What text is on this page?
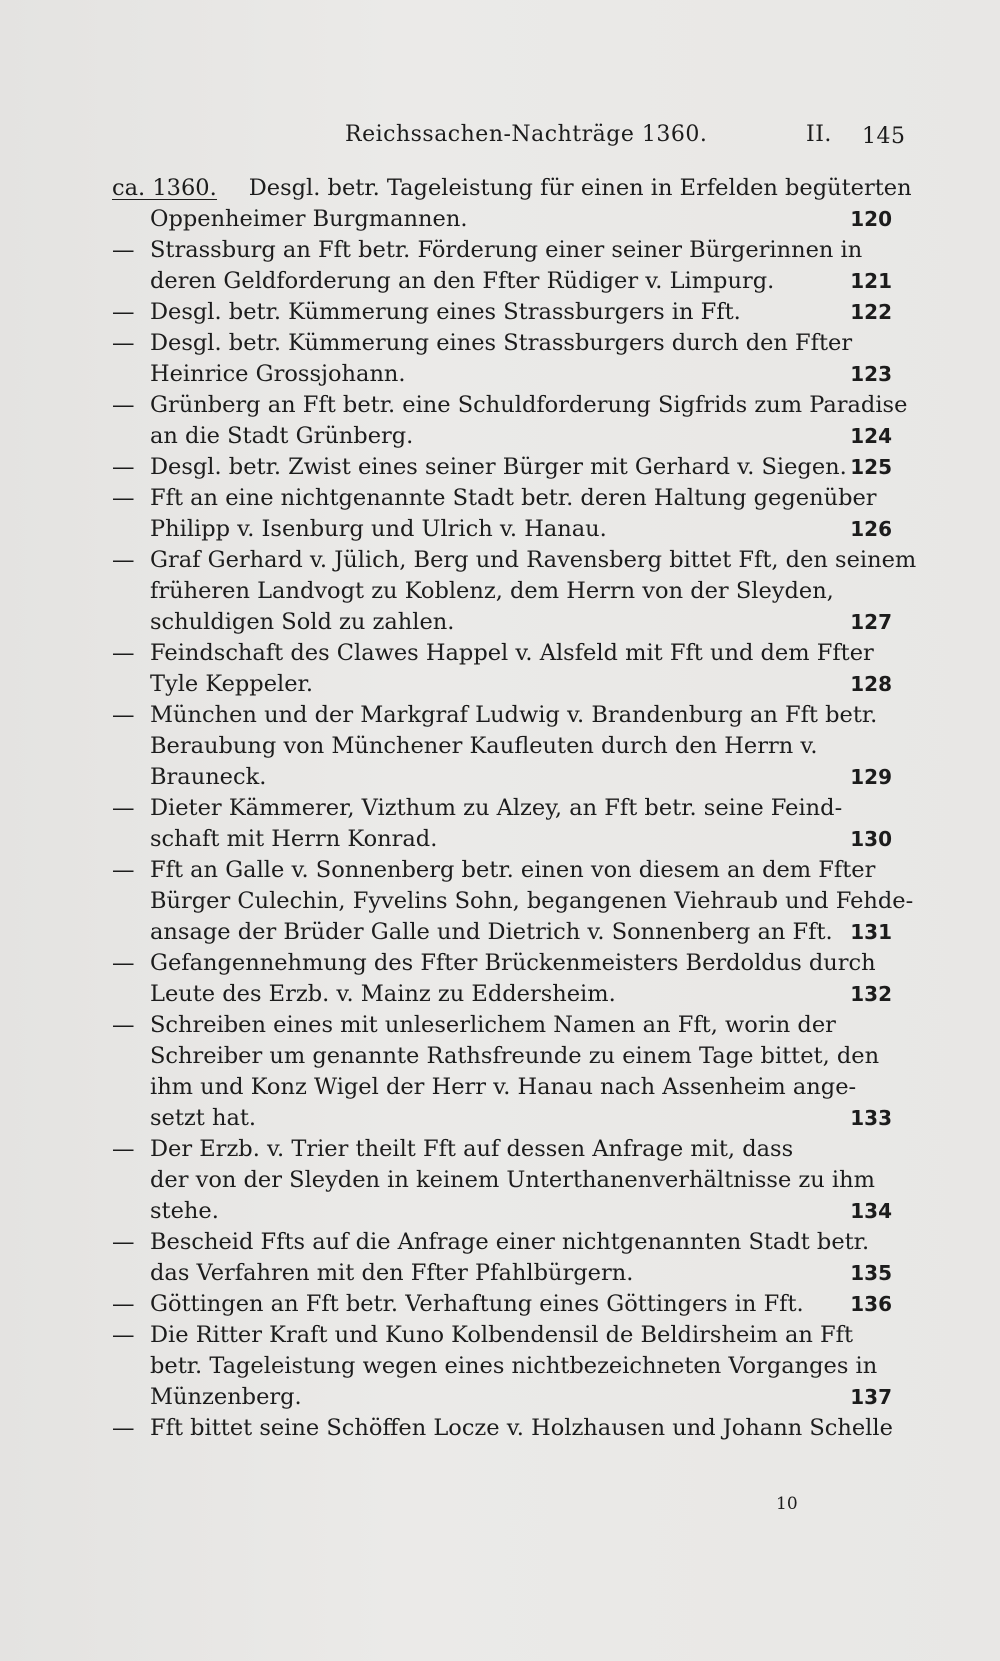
Reichssachen-Nachträge 1360.	II. 145
ca. 1360. Desgl. betr. Tageleistung für einen in Erfelden begüterten
Oppenheimer Burgmannen.	120
— Strassburg an Fft betr. Förderung einer seiner Bürgerinnen in
deren Geldforderung an den Ffter Rüdiger v. Limpurg.	121
— Desgl. betr. Kümmerung eines Strassburgers in Fft.	122
— Desgl. betr. Kümmerung eines Strassburgers durch den Ffter
Heinrice Grossjohann.	123
— Grünberg an Fft betr. eine Schuldforderung Sigfrids zum Paradise
an die Stadt Grünberg.	124
— Desgl. betr. Zwist eines seiner Bürger mit Gerhard v. Siegen. 125
— Fft an eine nichtgenannte Stadt betr. deren Haltung gegenüber
Philipp v. Isenburg und Ulrich v. Hanau.	126
— Graf Gerhard v. Jülich, Berg und Ravensberg bittet Fft, den seinem
früheren Landvogt zu Koblenz, dem Herrn von der Sleyden,
schuldigen Sold zu zahlen.	127
— Feindschaft des Clawes Happel v. Alsfeld mit Fft und dem Ffter
Tyle Keppeler.	128
— München und der Markgraf Ludwig v. Brandenburg an Fft betr.
Beraubung von Münchener Kaufleuten durch den Herrn v.
Brauneck.	129
— Dieter Kämmerer, Vizthum zu Alzey, an Fft betr. seine Feind-
schaft mit Herrn Konrad.	130
— Fft an Galle v. Sonnenberg betr. einen von diesem an dem Ffter
Bürger Culechin, Fyvelins Sohn, begangenen Viehraub und Fehde-
ansage der Brüder Galle und Dietrich v. Sonnenberg an Fft. 131
— Gefangennehmung des Ffter Brückenmeisters Berdoldus durch
Leute des Erzb. v. Mainz zu Eddersheim.	132
— Schreiben eines mit unleserlichem Namen an Fft, worin der
Schreiber um genannte Rathsfreunde zu einem Tage bittet, den
ihm und Konz Wigel der Herr v. Hanau nach Assenheim ange-
setzt hat.	133
— Der Erzb. v. Trier theilt Fft auf dessen Anfrage mit, dass
der von der Sleyden in keinem Unterthanenverhältnisse zu ihm
stehe.	134
— Bescheid Ffts auf die Anfrage einer nichtgenannten Stadt betr.
das Verfahren mit den Ffter Pfahlbürgern.	135
— Göttingen an Fft betr. Verhaftung eines Göttingers in Fft. 136
— Die Ritter Kraft und Kuno Kolbendensil de Beldirsheim an Fft
betr. Tageleistung wegen eines nichtbezeichneten Vorganges in
Münzenberg.	137
— Fft bittet seine Schöffen Locze v. Holzhausen und Johann Schelle
10
